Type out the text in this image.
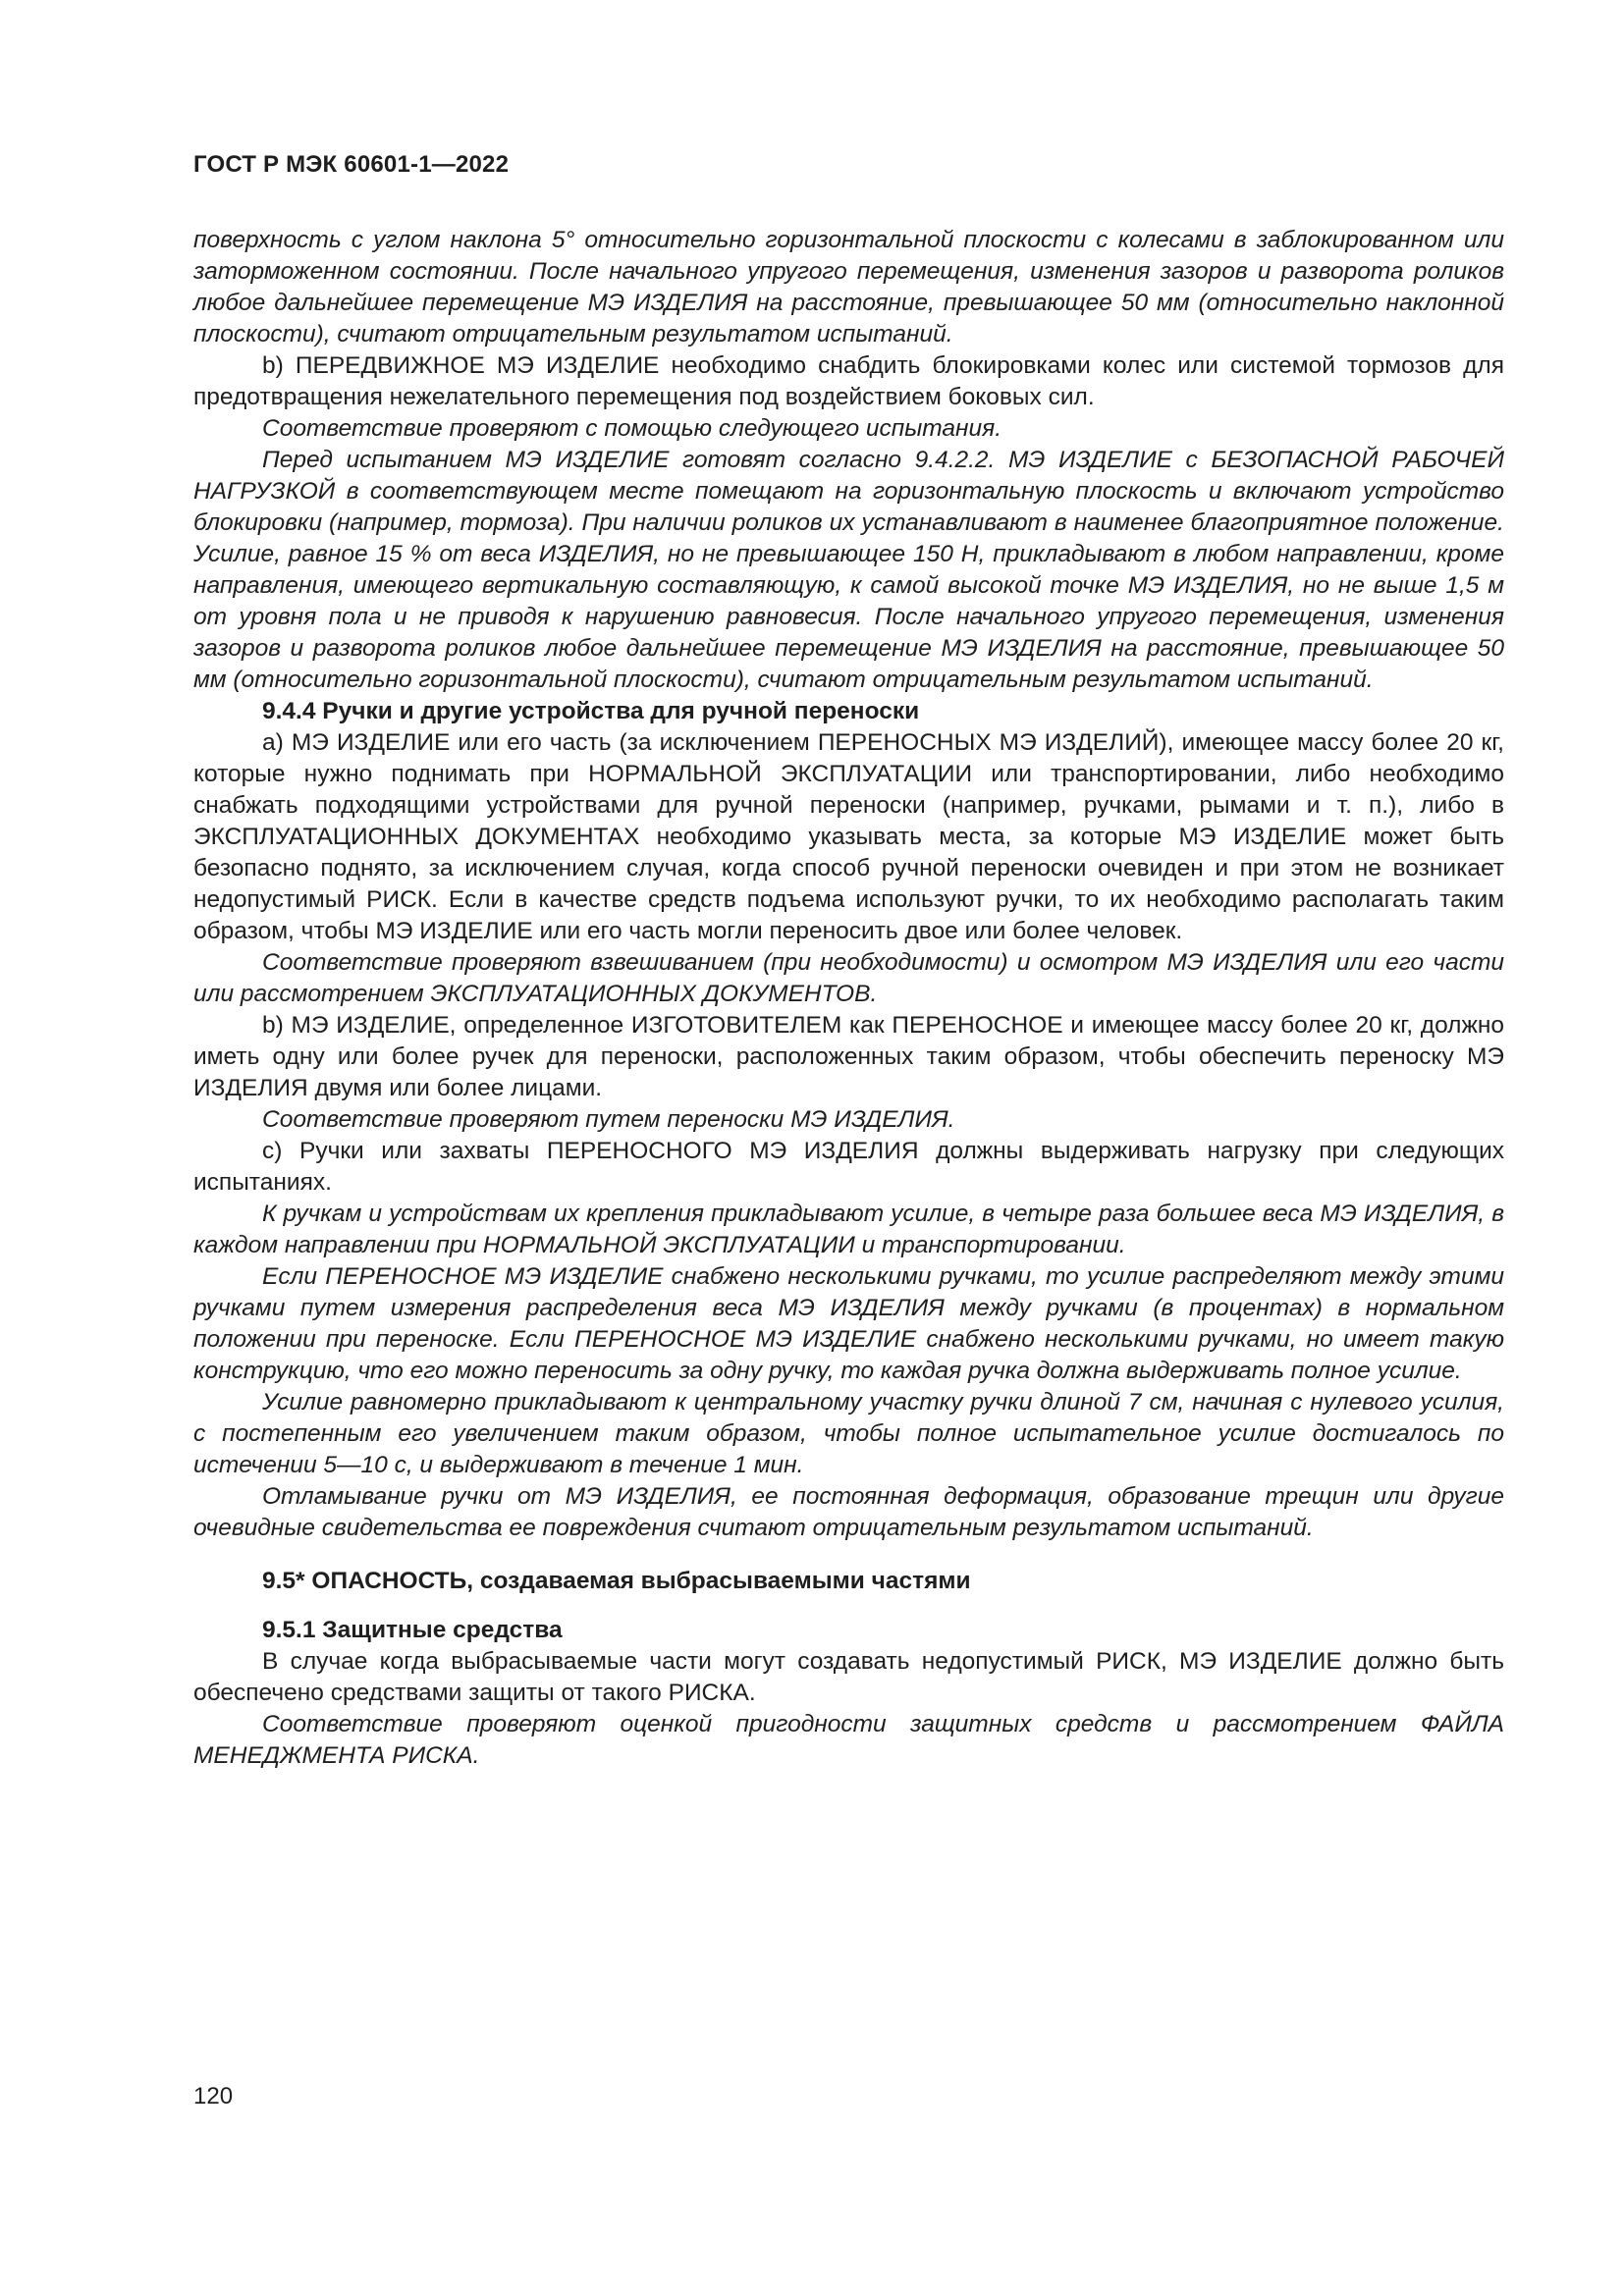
ГОСТ Р МЭК 60601-1—2022

поверхность с углом наклона 5° относительно горизонтальной плоскости с колесами в заблокированном или заторможенном состоянии. После начального упругого перемещения, изменения зазоров и разворота роликов любое дальнейшее перемещение МЭ ИЗДЕЛИЯ на расстояние, превышающее 50 мм (относительно наклонной плоскости), считают отрицательным результатом испытаний.

b) ПЕРЕДВИЖНОЕ МЭ ИЗДЕЛИЕ необходимо снабдить блокировками колес или системой тормозов для предотвращения нежелательного перемещения под воздействием боковых сил.

Соответствие проверяют с помощью следующего испытания.

Перед испытанием МЭ ИЗДЕЛИЕ готовят согласно 9.4.2.2. МЭ ИЗДЕЛИЕ с БЕЗОПАСНОЙ РАБОЧЕЙ НАГРУЗКОЙ в соответствующем месте помещают на горизонтальную плоскость и включают устройство блокировки (например, тормоза). При наличии роликов их устанавливают в наименее благоприятное положение. Усилие, равное 15 % от веса ИЗДЕЛИЯ, но не превышающее 150 Н, прикладывают в любом направлении, кроме направления, имеющего вертикальную составляющую, к самой высокой точке МЭ ИЗДЕЛИЯ, но не выше 1,5 м от уровня пола и не приводя к нарушению равновесия. После начального упругого перемещения, изменения зазоров и разворота роликов любое дальнейшее перемещение МЭ ИЗДЕЛИЯ на расстояние, превышающее 50 мм (относительно горизонтальной плоскости), считают отрицательным результатом испытаний.

9.4.4 Ручки и другие устройства для ручной переноски

а) МЭ ИЗДЕЛИЕ или его часть (за исключением ПЕРЕНОСНЫХ МЭ ИЗДЕЛИЙ), имеющее массу более 20 кг, которые нужно поднимать при НОРМАЛЬНОЙ ЭКСПЛУАТАЦИИ или транспортировании, либо необходимо снабжать подходящими устройствами для ручной переноски (например, ручками, рымами и т. п.), либо в ЭКСПЛУАТАЦИОННЫХ ДОКУМЕНТАХ необходимо указывать места, за которые МЭ ИЗДЕЛИЕ может быть безопасно поднято, за исключением случая, когда способ ручной переноски очевиден и при этом не возникает недопустимый РИСК. Если в качестве средств подъема используют ручки, то их необходимо располагать таким образом, чтобы МЭ ИЗДЕЛИЕ или его часть могли переносить двое или более человек.

Соответствие проверяют взвешиванием (при необходимости) и осмотром МЭ ИЗДЕЛИЯ или его части или рассмотрением ЭКСПЛУАТАЦИОННЫХ ДОКУМЕНТОВ.

b) МЭ ИЗДЕЛИЕ, определенное ИЗГОТОВИТЕЛЕМ как ПЕРЕНОСНОЕ и имеющее массу более 20 кг, должно иметь одну или более ручек для переноски, расположенных таким образом, чтобы обеспечить переноску МЭ ИЗДЕЛИЯ двумя или более лицами.

Соответствие проверяют путем переноски МЭ ИЗДЕЛИЯ.

c) Ручки или захваты ПЕРЕНОСНОГО МЭ ИЗДЕЛИЯ должны выдерживать нагрузку при следующих испытаниях.

К ручкам и устройствам их крепления прикладывают усилие, в четыре раза большее веса МЭ ИЗДЕЛИЯ, в каждом направлении при НОРМАЛЬНОЙ ЭКСПЛУАТАЦИИ и транспортировании.

Если ПЕРЕНОСНОЕ МЭ ИЗДЕЛИЕ снабжено несколькими ручками, то усилие распределяют между этими ручками путем измерения распределения веса МЭ ИЗДЕЛИЯ между ручками (в процентах) в нормальном положении при переноске. Если ПЕРЕНОСНОЕ МЭ ИЗДЕЛИЕ снабжено несколькими ручками, но имеет такую конструкцию, что его можно переносить за одну ручку, то каждая ручка должна выдерживать полное усилие.

Усилие равномерно прикладывают к центральному участку ручки длиной 7 см, начиная с нулевого усилия, с постепенным его увеличением таким образом, чтобы полное испытательное усилие достигалось по истечении 5—10 с, и выдерживают в течение 1 мин.

Отламывание ручки от МЭ ИЗДЕЛИЯ, ее постоянная деформация, образование трещин или другие очевидные свидетельства ее повреждения считают отрицательным результатом испытаний.

9.5* ОПАСНОСТЬ, создаваемая выбрасываемыми частями

9.5.1 Защитные средства

В случае когда выбрасываемые части могут создавать недопустимый РИСК, МЭ ИЗДЕЛИЕ должно быть обеспечено средствами защиты от такого РИСКА.

Соответствие проверяют оценкой пригодности защитных средств и рассмотрением ФАЙЛА МЕНЕДЖМЕНТА РИСКА.

120
